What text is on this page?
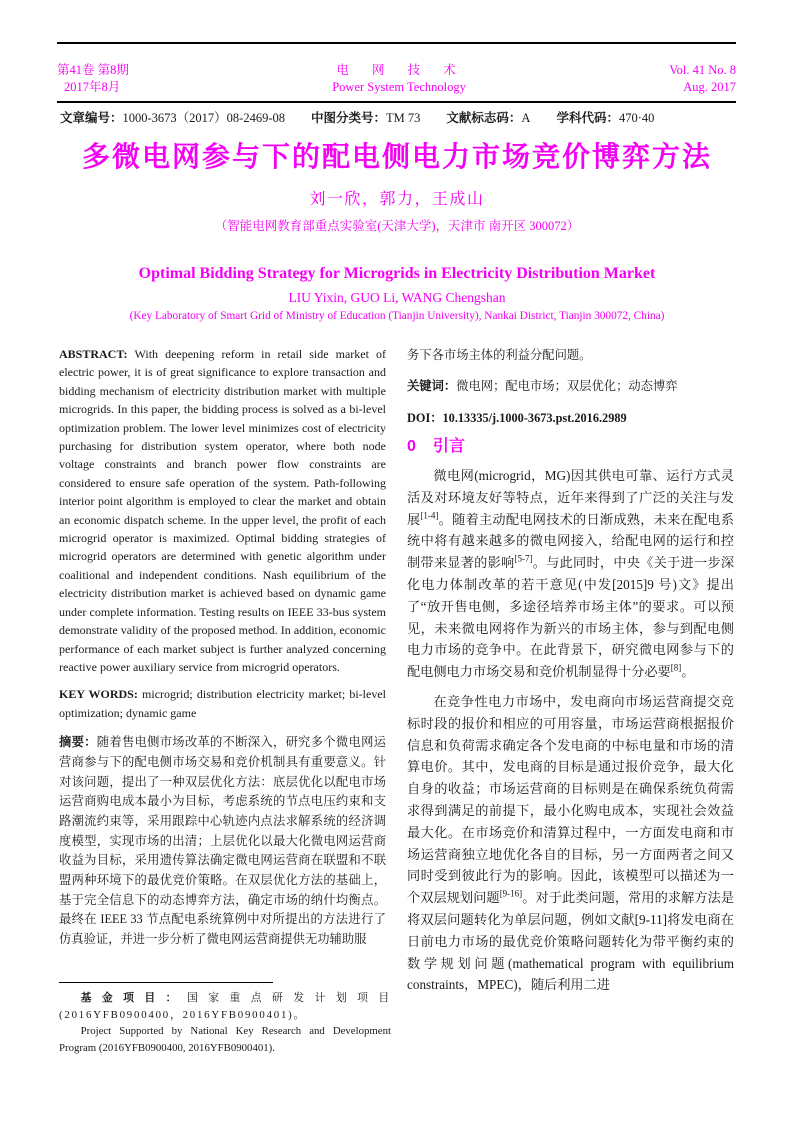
第41卷 第8期
2017年8月
电 网 技 术
Power System Technology
Vol. 41 No. 8
Aug. 2017
文章编号：1000-3673（2017）08-2469-08 中图分类号：TM 73 文献标志码：A 学科代码：470·40
多微电网参与下的配电侧电力市场竞价博弈方法
刘一欣，郭力，王成山
（智能电网教育部重点实验室(天津大学)，天津市 南开区 300072）
Optimal Bidding Strategy for Microgrids in Electricity Distribution Market
LIU Yixin, GUO Li, WANG Chengshan
(Key Laboratory of Smart Grid of Ministry of Education (Tianjin University), Nankai District, Tianjin 300072, China)

ABSTRACT: With deepening reform in retail side market of electric power, it is of great significance to explore transaction and bidding mechanism of electricity distribution market with multiple microgrids. In this paper, the bidding process is solved as a bi-level optimization problem. The lower level minimizes cost of electricity purchasing for distribution system operator, where both node voltage constraints and branch power flow constraints are considered to ensure safe operation of the system. Path-following interior point algorithm is employed to clear the market and obtain an economic dispatch scheme. In the upper level, the profit of each microgrid operator is maximized. Optimal bidding strategies of microgrid operators are determined with genetic algorithm under coalitional and independent conditions. Nash equilibrium of the electricity distribution market is achieved based on dynamic game under complete information. Testing results on IEEE 33-bus system demonstrate validity of the proposed method. In addition, economic performance of each market subject is further analyzed concerning reactive power auxiliary service from microgrid operators.

KEY WORDS: microgrid; distribution electricity market; bi-level optimization; dynamic game

摘要：随着售电侧市场改革的不断深入，研究多个微电网运营商参与下的配电侧市场交易和竞价机制具有重要意义。针对该问题，提出了一种双层优化方法：底层优化以配电市场运营商购电成本最小为目标，考虑系统的节点电压约束和支路潮流约束等，采用跟踪中心轨迹内点法求解系统的经济调度模型，实现市场的出清；上层优化以最大化微电网运营商收益为目标，采用遗传算法确定微电网运营商在联盟和不联盟两种环境下的最优竞价策略。在双层优化方法的基础上，基于完全信息下的动态博弈方法，确定市场的纳什均衡点。最终在 IEEE 33 节点配电系统算例中对所提出的方法进行了仿真验证，并进一步分析了微电网运营商提供无功辅助服

务下各市场主体的利益分配问题。

关键词：微电网；配电市场；双层优化；动态博弈

DOI：10.13335/j.1000-3673.pst.2016.2989

0 引言

微电网(microgrid，MG)因其供电可靠、运行方式灵活及对环境友好等特点，近年来得到了广泛的关注与发展[1-4]。随着主动配电网技术的日渐成熟，未来在配电系统中将有越来越多的微电网接入，给配电网的运行和控制带来显著的影响[5-7]。与此同时，中央《关于进一步深化电力体制改革的若干意见(中发[2015]9 号)文》提出了“放开售电侧，多途径培养市场主体”的要求。可以预见，未来微电网将作为新兴的市场主体，参与到配电侧电力市场的竞争中。在此背景下，研究微电网参与下的配电侧电力市场交易和竞价机制显得十分必要[8]。

在竞争性电力市场中，发电商向市场运营商提交竞标时段的报价和相应的可用容量，市场运营商根据报价信息和负荷需求确定各个发电商的中标电量和市场的清算电价。其中，发电商的目标是通过报价竞争，最大化自身的收益；市场运营商的目标则是在确保系统负荷需求得到满足的前提下，最小化购电成本，实现社会效益最大化。在市场竞价和清算过程中，一方面发电商和市场运营商独立地优化各自的目标，另一方面两者之间又同时受到彼此行为的影响。因此，该模型可以描述为一个双层规划问题[9-16]。对于此类问题，常用的求解方法是将双层问题转化为单层问题，例如文献[9-11]将发电商在日前电力市场的最优竞价策略问题转化为带平衡约束的数学规划问题(mathematical program with equilibrium constraints，MPEC)，随后利用二进

基金项目：国家重点研发计划项目(2016YFB0900400，2016YFB0900401)。

Project Supported by National Key Research and Development Program (2016YFB0900400, 2016YFB0900401).
